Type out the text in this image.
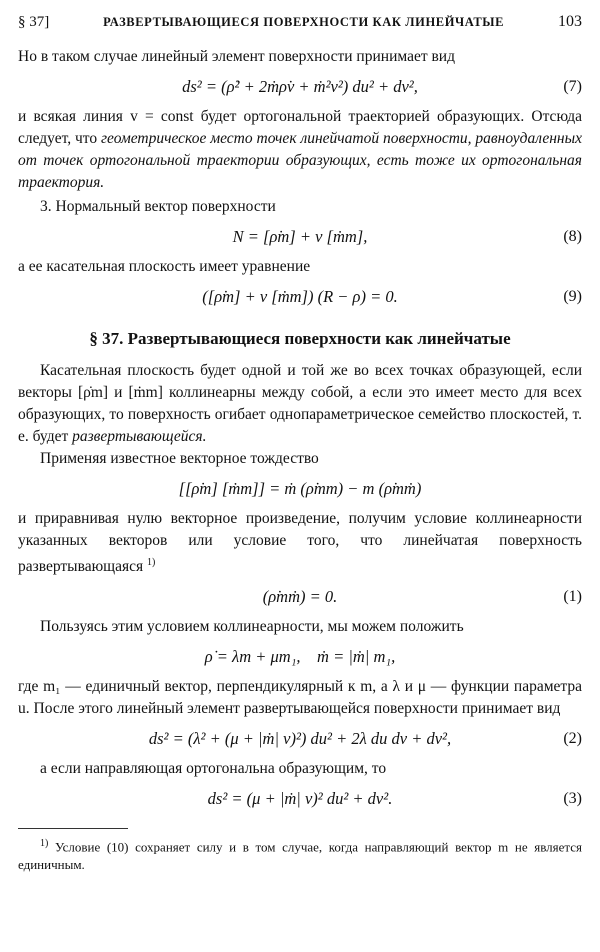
§ 37]	РАЗВЕРТЫВАЮЩИЕСЯ ПОВЕРХНОСТИ КАК ЛИНЕЙЧАТЫЕ	103

Но в таком случае линейный элемент поверхности принимает вид

ds² = (ρ̇² + 2ṁρ̇v + ṁ²v²) du² + dv²,	(7)

и всякая линия v = const будет ортогональной траекторией образующих. Отсюда следует, что геометрическое место точек линейчатой поверхности, равноудаленных от точек ортогональной траектории образующих, есть тоже их ортогональная траектория.

3. Нормальный вектор поверхности

N = [ρ̇m] + v [ṁm],	(8)

а ее касательная плоскость имеет уравнение

([ρ̇m] + v [ṁm]) (R − ρ) = 0.	(9)
§ 37. Развертывающиеся поверхности как линейчатые

Касательная плоскость будет одной и той же во всех точках образующей, если векторы [ρ̇m] и [ṁm] коллинеарны между собой, а если это имеет место для всех образующих, то поверхность огибает однопараметрическое семейство плоскостей, т. е. будет развертывающейся.

Применяя известное векторное тождество

[[ρ̇m] [ṁm]] = ṁ (ρ̇mm) − m (ρ̇mṁ)

и приравнивая нулю векторное произведение, получим условие коллинеарности указанных векторов или условие того, что линейчатая поверхность развертывающаяся $^{1)}$

(ρ̇mṁ) = 0.	(1)

Пользуясь этим условием коллинеарности, мы можем положить

ρ̇ = λm + μm₁,    ṁ = |ṁ| m₁,

где m₁ — единичный вектор, перпендикулярный к m, а λ и μ — функции параметра u. После этого линейный элемент развертывающейся поверхности принимает вид

ds² = (λ² + (μ + |ṁ| v)²) du² + 2λ du dv + dv²,	(2)

а если направляющая ортогональна образующим, то

ds² = (μ + |ṁ| v)² du² + dv².	(3)

$^{1)}$ Условие (10) сохраняет силу и в том случае, когда направляющий вектор m не является единичным.
